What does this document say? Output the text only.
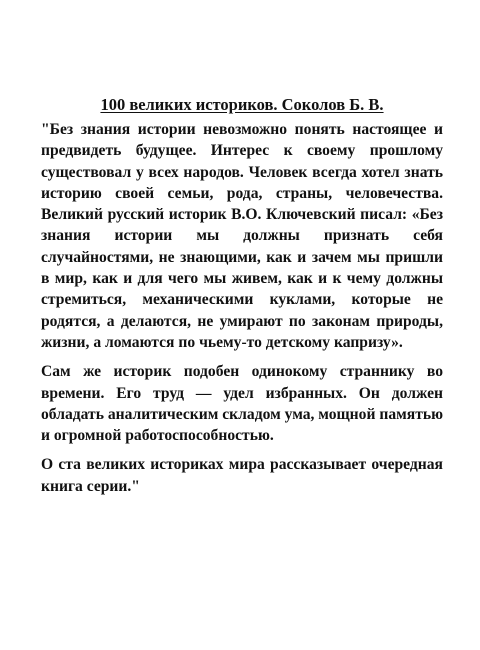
100 великих историков. Соколов Б. В.

"Без знания истории невозможно понять настоящее и предвидеть будущее. Интерес к своему прошлому существовал у всех народов. Человек всегда хотел знать историю своей семьи, рода, страны, человечества. Великий русский историк В.О. Ключевский писал: «Без знания истории мы должны признать себя случайностями, не знающими, как и зачем мы пришли в мир, как и для чего мы живем, как и к чему должны стремиться, механическими куклами, которые не родятся, а делаются, не умирают по законам природы, жизни, а ломаются по чьему-то детскому капризу».

Сам же историк подобен одинокому страннику во времени. Его труд — удел избранных. Он должен обладать аналитическим складом ума, мощной памятью и огромной работоспособностью.

О ста великих историках мира рассказывает очередная книга серии."
